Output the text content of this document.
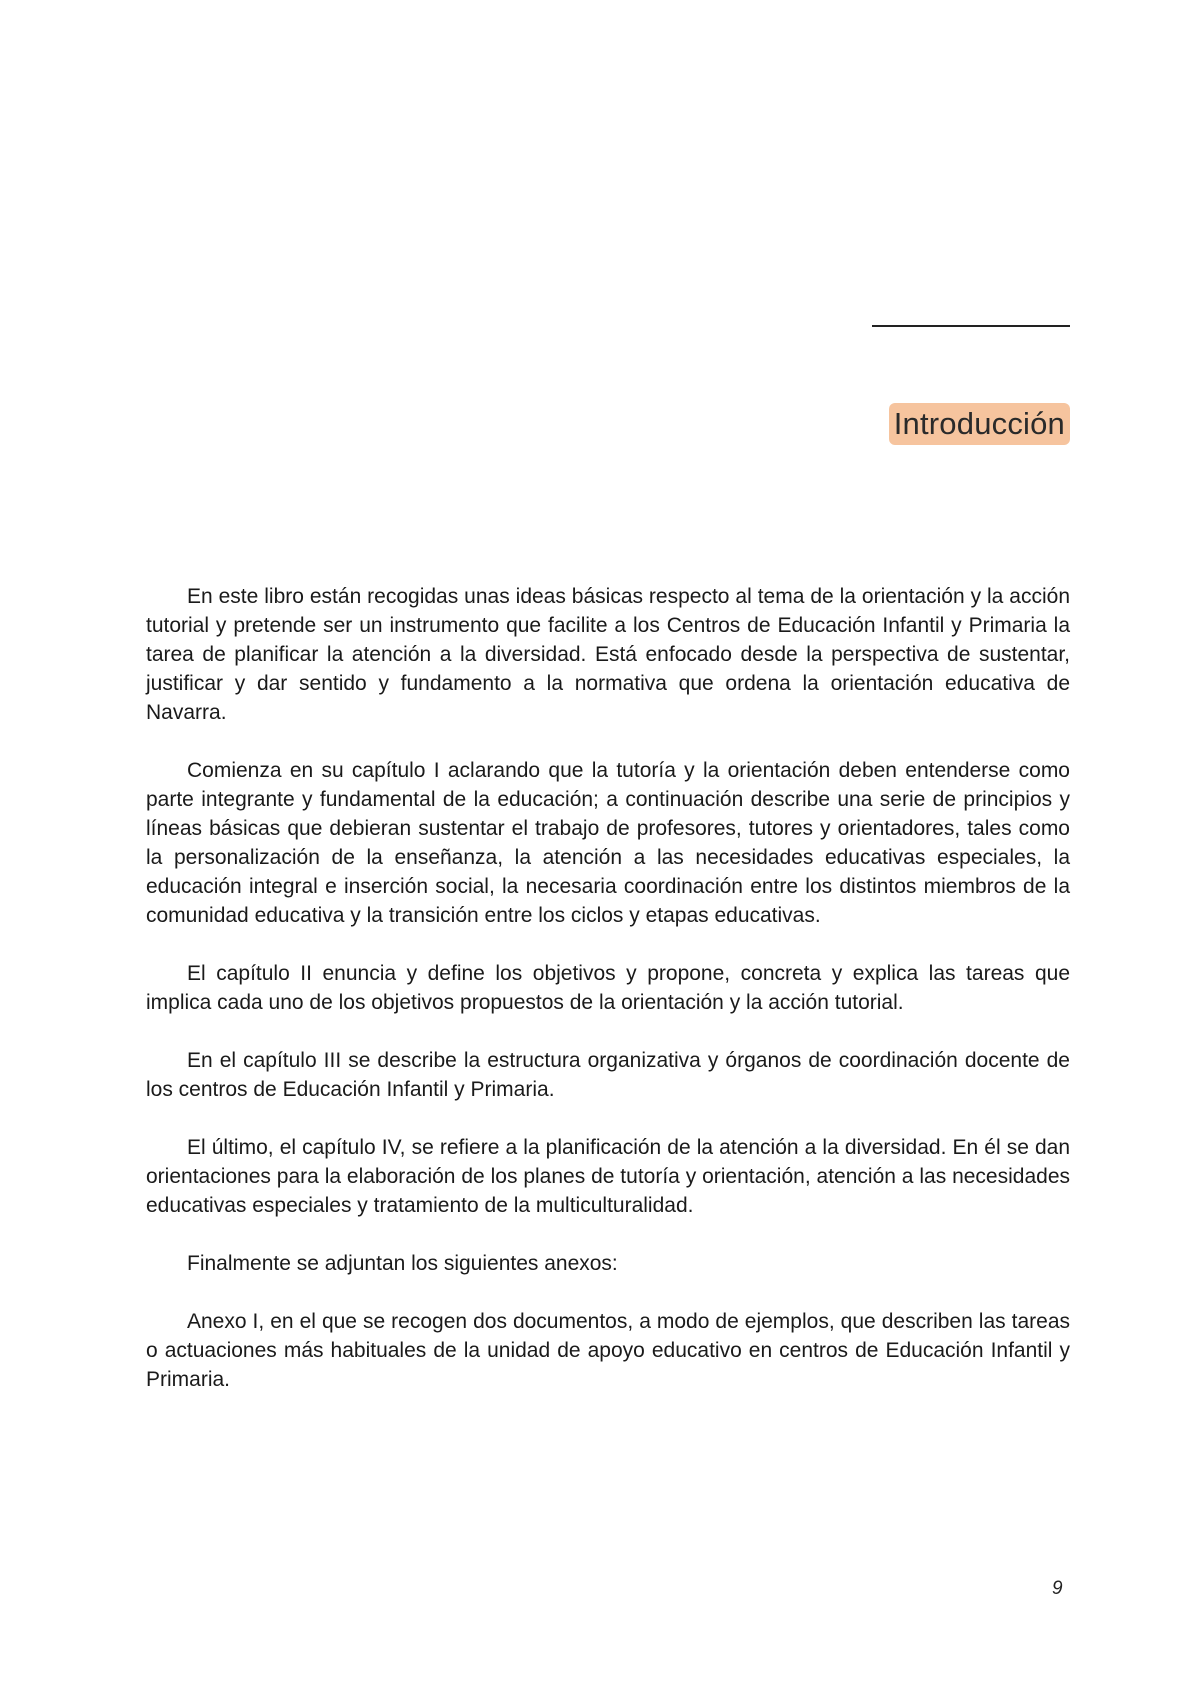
Introducción

En este libro están recogidas unas ideas básicas respecto al tema de la orientación y la acción tutorial y pretende ser un instrumento que facilite a los Centros de Educación Infantil y Primaria la tarea de planificar la atención a la diversidad. Está enfocado desde la perspectiva de sustentar, justificar y dar sentido y fundamento a la normativa que ordena la orientación educativa de Navarra.

Comienza en su capítulo I aclarando que la tutoría y la orientación deben entenderse como parte integrante y fundamental de la educación; a continuación describe una serie de principios y líneas básicas que debieran sustentar el trabajo de profesores, tutores y orientadores, tales como la personalización de la enseñanza, la atención a las necesidades educativas especiales, la educación integral e inserción social, la necesaria coordinación entre los distintos miembros de la comunidad educativa y la transición entre los ciclos y etapas educativas.

El capítulo II enuncia y define los objetivos y propone, concreta y explica las tareas que implica cada uno de los objetivos propuestos de la orientación y la acción tutorial.

En el capítulo III se describe la estructura organizativa y órganos de coordinación docente de los centros de Educación Infantil y Primaria.

El último, el capítulo IV, se refiere a la planificación de la atención a la diversidad. En él se dan orientaciones para la elaboración de los planes de tutoría y orientación, atención a las necesidades educativas especiales y tratamiento de la multiculturalidad.

Finalmente se adjuntan los siguientes anexos:

Anexo I, en el que se recogen dos documentos, a modo de ejemplos, que describen las tareas o actuaciones más habituales de la unidad de apoyo educativo en centros de Educación Infantil y Primaria.

9
